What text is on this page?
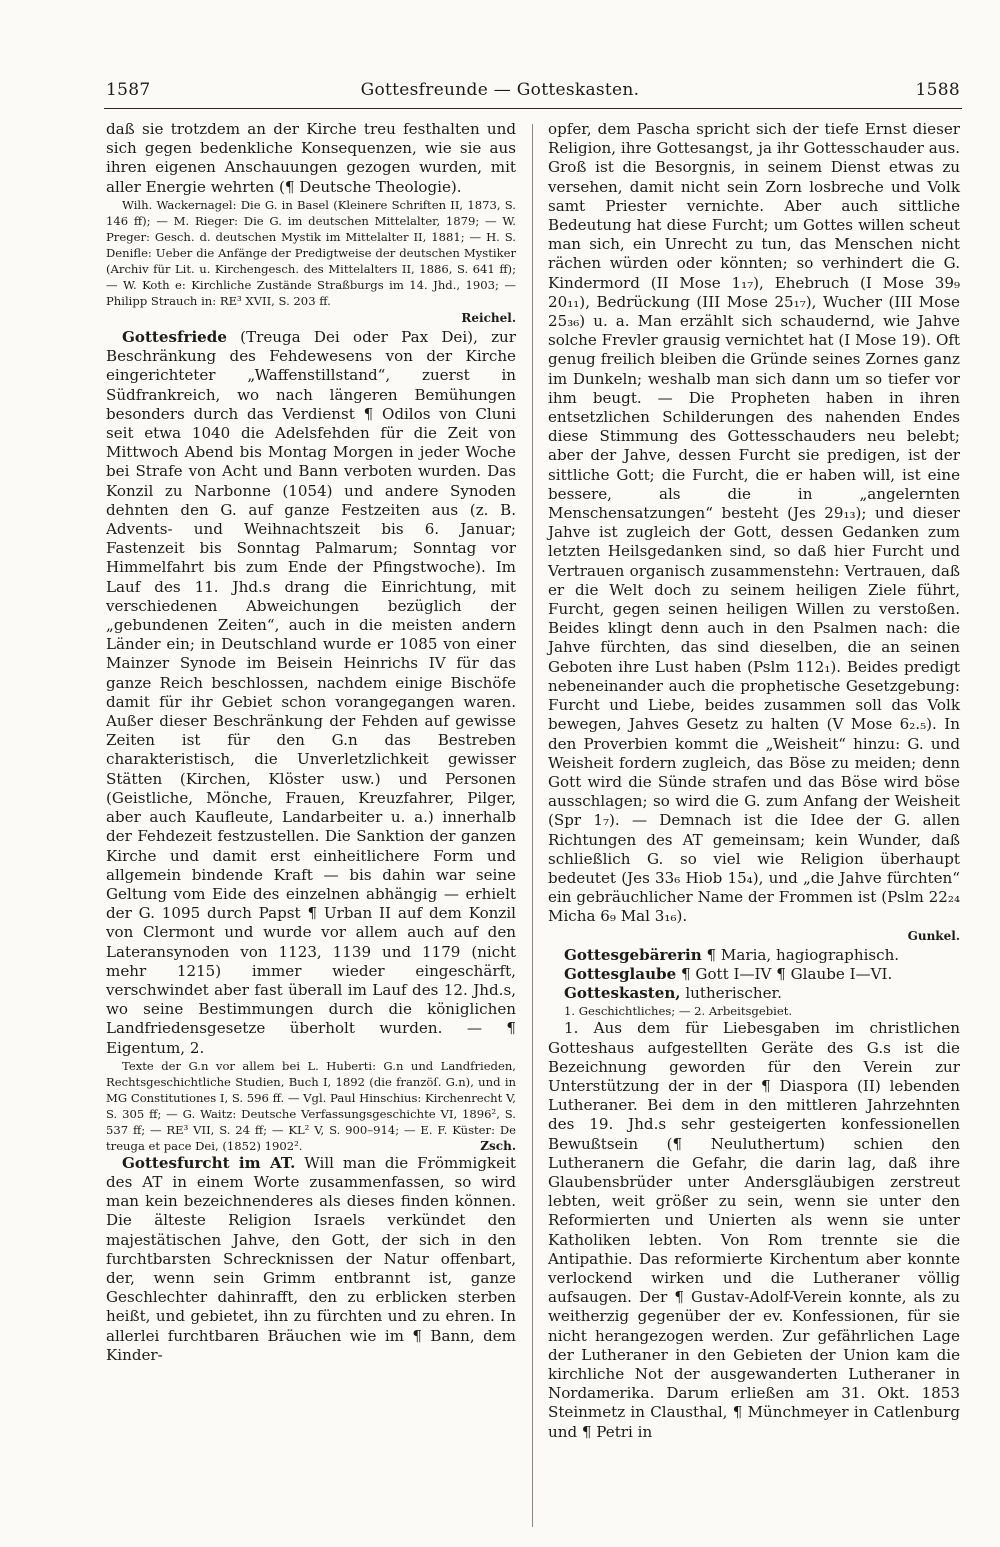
1587	Gottesfreunde — Gotteskasten.	1588

daß sie trotzdem an der Kirche treu festhalten und sich gegen bedenkliche Konsequenzen, wie sie aus ihren eigenen Anschauungen gezogen wurden, mit aller Energie wehrten (¶ Deutsche Theologie).

Wilh. Wackernagel: Die G. in Basel (Kleinere Schriften II, 1873, S. 146 ff); — M. Rieger: Die G. im deutschen Mittelalter, 1879; — W. Preger: Gesch. d. deutschen Mystik im Mittelalter II, 1881; — H. S. Denifle: Ueber die Anfänge der Predigtweise der deutschen Mystiker (Archiv für Lit. u. Kirchengesch. des Mittelalters II, 1886, S. 641 ff); — W. Koth e: Kirchliche Zustände Straßburgs im 14. Jhd., 1903; — Philipp Strauch in: RE³ XVII, S. 203 ff.

Reichel.

Gottesfriede (Treuga Dei oder Pax Dei), zur Beschränkung des Fehdewesens von der Kirche eingerichteter „Waffenstillstand“, zuerst in Südfrankreich, wo nach längeren Bemühungen besonders durch das Verdienst ¶ Odilos von Cluni seit etwa 1040 die Adelsfehden für die Zeit von Mittwoch Abend bis Montag Morgen in jeder Woche bei Strafe von Acht und Bann verboten wurden. Das Konzil zu Narbonne (1054) und andere Synoden dehnten den G. auf ganze Festzeiten aus (z. B. Advents- und Weihnachtszeit bis 6. Januar; Fastenzeit bis Sonntag Palmarum; Sonntag vor Himmelfahrt bis zum Ende der Pfingstwoche). Im Lauf des 11. Jhd.s drang die Einrichtung, mit verschiedenen Abweichungen bezüglich der „gebundenen Zeiten“, auch in die meisten andern Länder ein; in Deutschland wurde er 1085 von einer Mainzer Synode im Beisein Heinrichs IV für das ganze Reich beschlossen, nachdem einige Bischöfe damit für ihr Gebiet schon vorangegangen waren. Außer dieser Beschränkung der Fehden auf gewisse Zeiten ist für den G.n das Bestreben charakteristisch, die Unverletzlichkeit gewisser Stätten (Kirchen, Klöster usw.) und Personen (Geistliche, Mönche, Frauen, Kreuzfahrer, Pilger, aber auch Kaufleute, Landarbeiter u. a.) innerhalb der Fehdezeit festzustellen. Die Sanktion der ganzen Kirche und damit erst einheitlichere Form und allgemein bindende Kraft — bis dahin war seine Geltung vom Eide des einzelnen abhängig — erhielt der G. 1095 durch Papst ¶ Urban II auf dem Konzil von Clermont und wurde vor allem auch auf den Lateransynoden von 1123, 1139 und 1179 (nicht mehr 1215) immer wieder eingeschärft, verschwindet aber fast überall im Lauf des 12. Jhd.s, wo seine Bestimmungen durch die königlichen Landfriedensgesetze überholt wurden. — ¶ Eigentum, 2.

Texte der G.n vor allem bei L. Huberti: G.n und Landfrieden, Rechtsgeschichtliche Studien, Buch I, 1892 (die franzöſ. G.n), und in MG Constitutiones I, S. 596 ff. — Vgl. Paul Hinschius: Kirchenrecht V, S. 305 ff; — G. Waitz: Deutsche Verfassungsgeschichte VI, 1896², S. 537 ff; — RE³ VII, S. 24 ff; — KL² V, S. 900–914; — E. F. Küster: De treuga et pace Dei, (1852) 1902².	Zsch.

Gottesfurcht im AT. Will man die Frömmigkeit des AT in einem Worte zusammenfassen, so wird man kein bezeichnenderes als dieses finden können. Die älteste Religion Israels verkündet den majestätischen Jahve, den Gott, der sich in den furchtbarsten Schrecknissen der Natur offenbart, der, wenn sein Grimm entbrannt ist, ganze Geschlechter dahinrafft, den zu erblicken sterben heißt, und gebietet, ihn zu fürchten und zu ehren. In allerlei furchtbaren Bräuchen wie im ¶ Bann, dem Kinder-

opfer, dem Pascha spricht sich der tiefe Ernst dieser Religion, ihre Gottesangst, ja ihr Gottesschauder aus. Groß ist die Besorgnis, in seinem Dienst etwas zu versehen, damit nicht sein Zorn losbreche und Volk samt Priester vernichte. Aber auch sittliche Bedeutung hat diese Furcht; um Gottes willen scheut man sich, ein Unrecht zu tun, das Menschen nicht rächen würden oder könnten; so verhindert die G. Kindermord (II Mose 1₁₇), Ehebruch (I Mose 39₉ 20₁₁), Bedrückung (III Mose 25₁₇), Wucher (III Mose 25₃₆) u. a. Man erzählt sich schaudernd, wie Jahve solche Frevler grausig vernichtet hat (I Mose 19). Oft genug freilich bleiben die Gründe seines Zornes ganz im Dunkeln; weshalb man sich dann um so tiefer vor ihm beugt. — Die Propheten haben in ihren entsetzlichen Schilderungen des nahenden Endes diese Stimmung des Gottesschauders neu belebt; aber der Jahve, dessen Furcht sie predigen, ist der sittliche Gott; die Furcht, die er haben will, ist eine bessere, als die in „angelernten Menschensatzungen“ besteht (Jes 29₁₃); und dieser Jahve ist zugleich der Gott, dessen Gedanken zum letzten Heilsgedanken sind, so daß hier Furcht und Vertrauen organisch zusammenstehn: Vertrauen, daß er die Welt doch zu seinem heiligen Ziele führt, Furcht, gegen seinen heiligen Willen zu verstoßen. Beides klingt denn auch in den Psalmen nach: die Jahve fürchten, das sind dieselben, die an seinen Geboten ihre Lust haben (Pslm 112₁). Beides predigt nebeneinander auch die prophetische Gesetzgebung: Furcht und Liebe, beides zusammen soll das Volk bewegen, Jahves Gesetz zu halten (V Mose 6₂.₅). In den Proverbien kommt die „Weisheit“ hinzu: G. und Weisheit fordern zugleich, das Böse zu meiden; denn Gott wird die Sünde strafen und das Böse wird böse ausschlagen; so wird die G. zum Anfang der Weisheit (Spr 1₇). — Demnach ist die Idee der G. allen Richtungen des AT gemeinsam; kein Wunder, daß schließlich G. so viel wie Religion überhaupt bedeutet (Jes 33₆ Hiob 15₄), und „die Jahve fürchten“ ein gebräuchlicher Name der Frommen ist (Pslm 22₂₄ Micha 6₉ Mal 3₁₆).

Gunkel.

Gottesgebärerin ¶ Maria, hagiographisch.

Gottesglaube ¶ Gott I—IV ¶ Glaube I—VI.

Gotteskasten, lutherischer.

1. Geschichtliches; — 2. Arbeitsgebiet.

1. Aus dem für Liebesgaben im christlichen Gotteshaus aufgestellten Geräte des G.s ist die Bezeichnung geworden für den Verein zur Unterstützung der in der ¶ Diaspora (II) lebenden Lutheraner. Bei dem in den mittleren Jahrzehnten des 19. Jhd.s sehr gesteigerten konfessionellen Bewußtsein (¶ Neuluthertum) schien den Lutheranern die Gefahr, die darin lag, daß ihre Glaubensbrüder unter Andersgläubigen zerstreut lebten, weit größer zu sein, wenn sie unter den Reformierten und Unierten als wenn sie unter Katholiken lebten. Von Rom trennte sie die Antipathie. Das reformierte Kirchentum aber konnte verlockend wirken und die Lutheraner völlig aufsaugen. Der ¶ Gustav-Adolf-Verein konnte, als zu weitherzig gegenüber der ev. Konfessionen, für sie nicht herangezogen werden. Zur gefährlichen Lage der Lutheraner in den Gebieten der Union kam die kirchliche Not der ausgewanderten Lutheraner in Nordamerika. Darum erließen am 31. Okt. 1853 Steinmetz in Clausthal, ¶ Münchmeyer in Catlenburg und ¶ Petri in
